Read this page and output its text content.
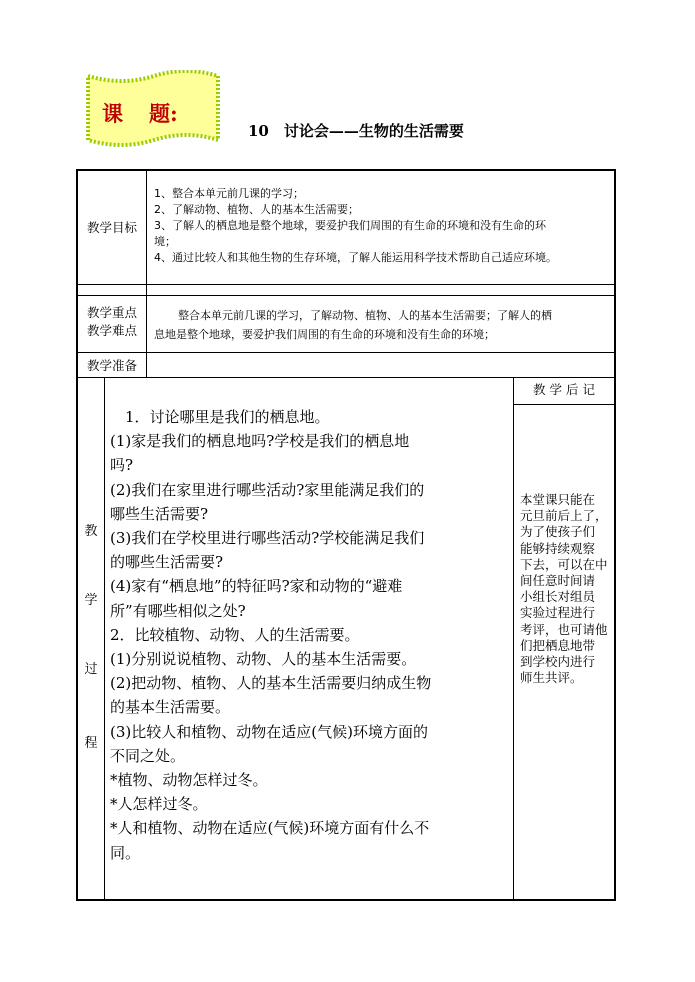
课 题:
10　讨论会——生物的生活需要
教学目标
1、整合本单元前几课的学习；
2、了解动物、植物、人的基本生活需要；
3、了解人的栖息地是整个地球，要爱护我们周围的有生命的环境和没有生命的环
境；
4、通过比较人和其他生物的生存环境，了解人能运用科学技术帮助自己适应环境。
教学重点
教学难点
整合本单元前几课的学习，了解动物、植物、人的基本生活需要；了解人的栖
息地是整个地球，要爱护我们周围的有生命的环境和没有生命的环境；
教学准备
教
学
过
程
　1．讨论哪里是我们的栖息地。
(1)家是我们的栖息地吗?学校是我们的栖息地
吗?
(2)我们在家里进行哪些活动?家里能满足我们的
哪些生活需要?
(3)我们在学校里进行哪些活动?学校能满足我们
的哪些生活需要?
(4)家有“栖息地”的特征吗?家和动物的“避难
所”有哪些相似之处?
2．比较植物、动物、人的生活需要。
(1)分别说说植物、动物、人的基本生活需要。
(2)把动物、植物、人的基本生活需要归纳成生物
的基本生活需要。
(3)比较人和植物、动物在适应(气候)环境方面的
不同之处。
*植物、动物怎样过冬。
*人怎样过冬。
*人和植物、动物在适应(气候)环境方面有什么不
同。
教 学 后 记
本堂课只能在
元旦前后上了，
为了使孩子们
能够持续观察
下去，可以在中
间任意时间请
小组长对组员
实验过程进行
考评，也可请他
们把栖息地带
到学校内进行
师生共评。
